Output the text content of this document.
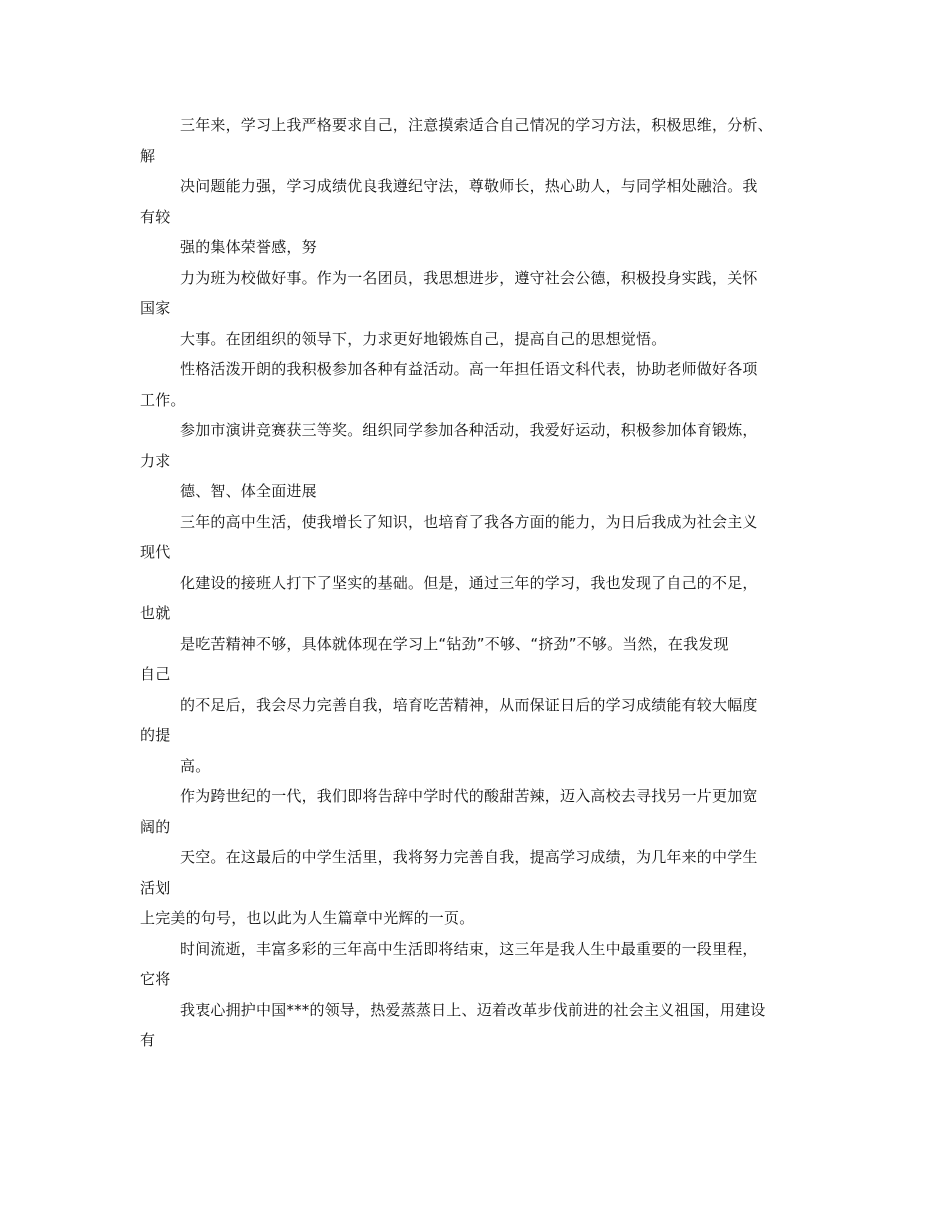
三年来，学习上我严格要求自己，注意摸索适合自己情况的学习方法，积极思维，分析、
解
决问题能力强，学习成绩优良我遵纪守法，尊敬师长，热心助人，与同学相处融洽。我
有较
强的集体荣誉感，努
力为班为校做好事。作为一名团员，我思想进步，遵守社会公德，积极投身实践，关怀
国家
大事。在团组织的领导下，力求更好地锻炼自己，提高自己的思想觉悟。
性格活泼开朗的我积极参加各种有益活动。高一年担任语文科代表，协助老师做好各项
工作。
参加市演讲竞赛获三等奖。组织同学参加各种活动，我爱好运动，积极参加体育锻炼，
力求
德、智、体全面进展
三年的高中生活，使我增长了知识，也培育了我各方面的能力，为日后我成为社会主义
现代
化建设的接班人打下了坚实的基础。但是，通过三年的学习，我也发现了自己的不足，
也就
是吃苦精神不够，具体就体现在学习上“钻劲”不够、“挤劲”不够。当然，在我发现
自己
的不足后，我会尽力完善自我，培育吃苦精神，从而保证日后的学习成绩能有较大幅度
的提
高。
作为跨世纪的一代，我们即将告辞中学时代的酸甜苦辣，迈入高校去寻找另一片更加宽
阔的
天空。在这最后的中学生活里，我将努力完善自我，提高学习成绩，为几年来的中学生
活划
上完美的句号，也以此为人生篇章中光辉的一页。
时间流逝，丰富多彩的三年高中生活即将结束，这三年是我人生中最重要的一段里程，
它将
我衷心拥护中国***的领导，热爱蒸蒸日上、迈着改革步伐前进的社会主义祖国，用建设
有
